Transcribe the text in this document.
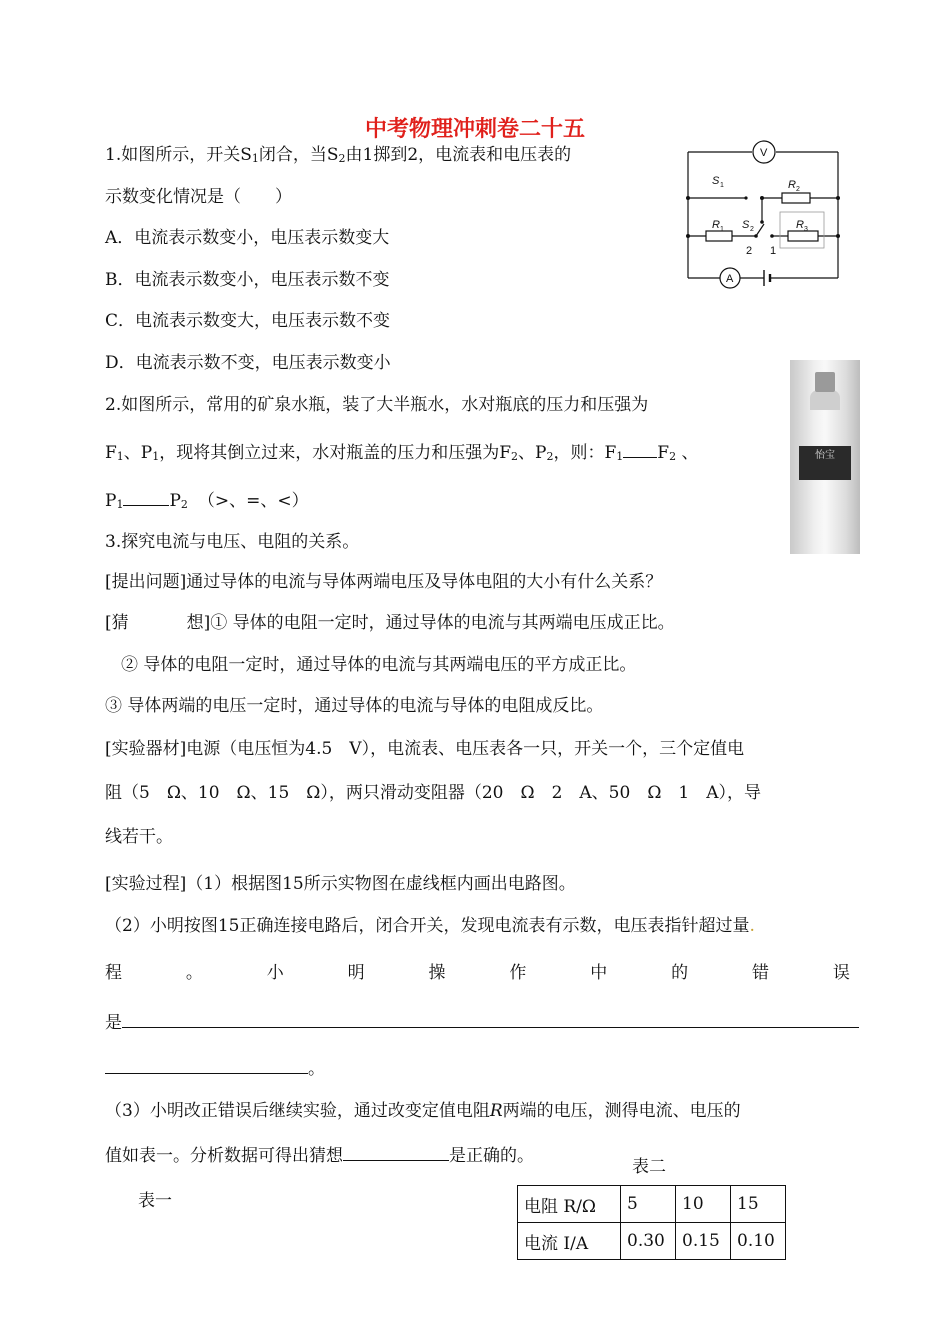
中考物理冲刺卷二十五
1.如图所示，开关S1闭合，当S2由1掷到2，电流表和电压表的
示数变化情况是（　　）
A．电流表示数变小，电压表示数变大
B．电流表示数变小，电压表示数不变
C．电流表示数变大，电压表示数不变
D．电流表示数不变，电压表示数变小
V
A
S 1	R 2
R 1 S 2	R 3
2 1
怡宝
2.如图所示，常用的矿泉水瓶，装了大半瓶水，水对瓶底的压力和压强为
F1、P1，现将其倒立过来，水对瓶盖的压力和压强为F2、P2，则：F1 F2 、
P1	P2 （>、=、<）
3.探究电流与电压、电阻的关系。
[提出问题]通过导体的电流与导体两端电压及导体电阻的大小有什么关系？
[猜	想]① 导体的电阻一定时，通过导体的电流与其两端电压成正比。
② 导体的电阻一定时，通过导体的电流与其两端电压的平方成正比。
③ 导体两端的电压一定时，通过导体的电流与导体的电阻成反比。
[实验器材]电源（电压恒为4.5　V），电流表、电压表各一只，开关一个，三个定值电
阻（5　Ω、10　Ω、15　Ω），两只滑动变阻器（20　Ω　2　A、50　Ω　1　A），导
线若干。
[实验过程]（1）根据图15所示实物图在虚线框内画出电路图。
（2）小明按图15正确连接电路后，闭合开关，发现电流表有示数，电压表指针超过量.
程	。	小	明	操	作	中	的	错	误
是
。
（3）小明改正错误后继续实验，通过改变定值电阻R两端的电压，测得电流、电压的
值如表一。分析数据可得出猜想	是正确的。
表二
表一	电阻 R/Ω	5	10	15
电流 I/A	0.30	0.15	0.10
